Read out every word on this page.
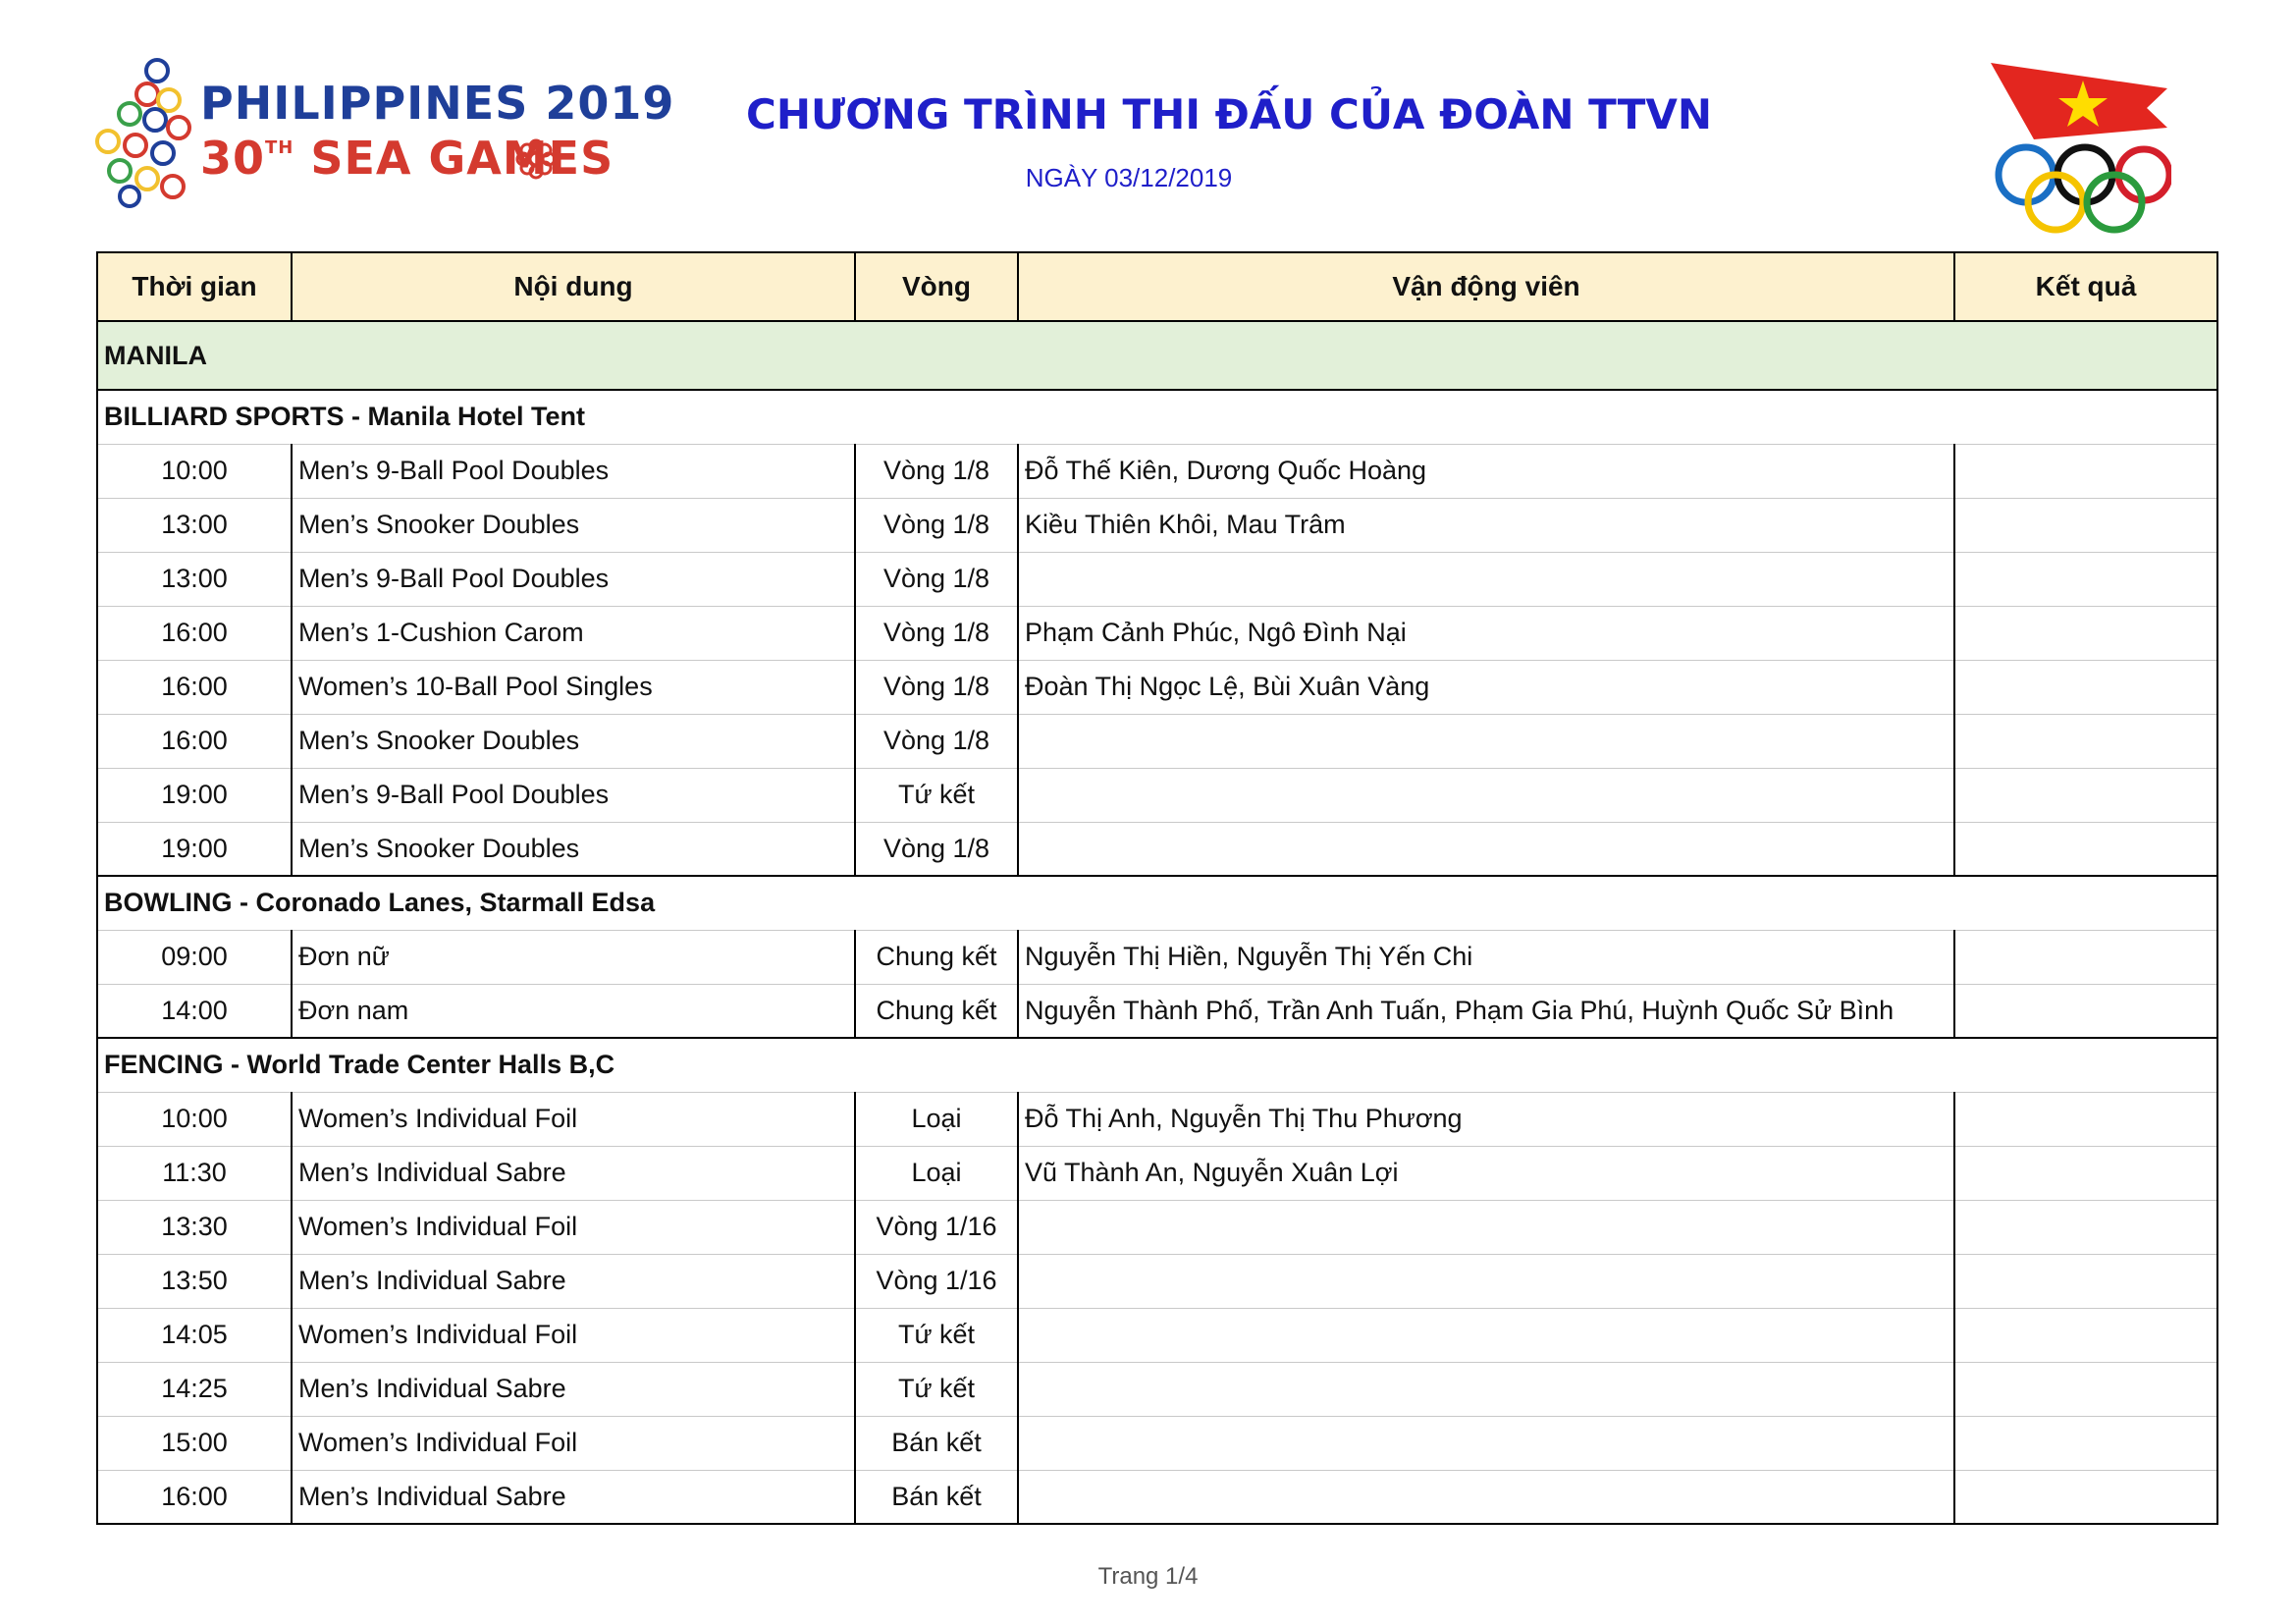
PHILIPPINES 2019
30TH SEA GAMES
CHƯƠNG TRÌNH THI ĐẤU CỦA ĐOÀN TTVN
NGÀY 03/12/2019
Thời gian	Nội dung	Vòng	Vận động viên	Kết quả
MANILA				
BILLIARD SPORTS - Manila Hotel Tent				
10:00	Men’s 9-Ball Pool Doubles	Vòng 1/8	Đỗ Thế Kiên, Dương Quốc Hoàng	
13:00	Men’s Snooker Doubles	Vòng 1/8	Kiều Thiên Khôi, Mau Trâm	
13:00	Men’s 9-Ball Pool Doubles	Vòng 1/8		
16:00	Men’s 1-Cushion Carom	Vòng 1/8	Phạm Cảnh Phúc, Ngô Đình Nại	
16:00	Women’s 10-Ball Pool Singles	Vòng 1/8	Đoàn Thị Ngọc Lệ, Bùi Xuân Vàng	
16:00	Men’s Snooker Doubles	Vòng 1/8		
19:00	Men’s 9-Ball Pool Doubles	Tứ kết		
19:00	Men’s Snooker Doubles	Vòng 1/8		
BOWLING - Coronado Lanes, Starmall Edsa				
09:00	Đơn nữ	Chung kết	Nguyễn Thị Hiền, Nguyễn Thị Yến Chi	
14:00	Đơn nam	Chung kết	Nguyễn Thành Phố, Trần Anh Tuấn, Phạm Gia Phú, Huỳnh Quốc Sử Bình	
FENCING - World Trade Center Halls B,C				
10:00	Women’s Individual Foil	Loại	Đỗ Thị Anh, Nguyễn Thị Thu Phương	
11:30	Men’s Individual Sabre	Loại	Vũ Thành An, Nguyễn Xuân Lợi	
13:30	Women’s Individual Foil	Vòng 1/16		
13:50	Men’s Individual Sabre	Vòng 1/16		
14:05	Women’s Individual Foil	Tứ kết		
14:25	Men’s Individual Sabre	Tứ kết		
15:00	Women’s Individual Foil	Bán kết		
16:00	Men’s Individual Sabre	Bán kết		
Trang 1/4
